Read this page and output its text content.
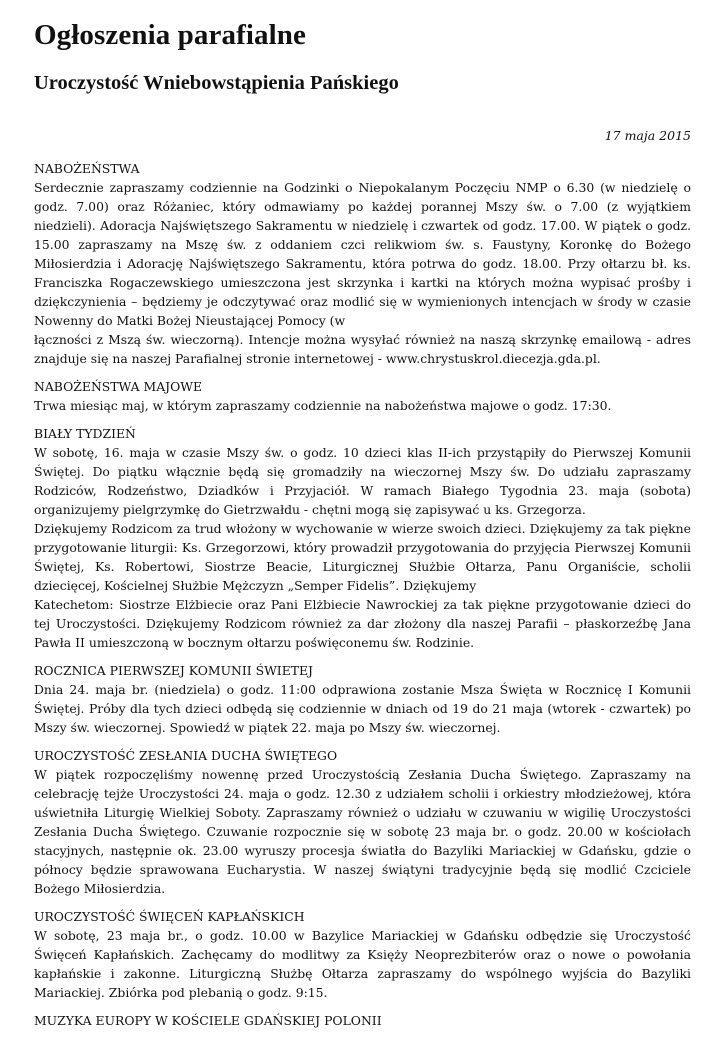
Ogłoszenia parafialne
Uroczystość Wniebowstąpienia Pańskiego
17 maja 2015
NABOŻEŃSTWA

Serdecznie zapraszamy codziennie na Godzinki o Niepokalanym Poczęciu NMP o 6.30 (w niedzielę o godz. 7.00) oraz Różaniec, który odmawiamy po każdej porannej Mszy św. o 7.00 (z wyjątkiem niedzieli). Adoracja Najświętszego Sakramentu w niedzielę i czwartek od godz. 17.00. W piątek o godz. 15.00 zapraszamy na Mszę św. z oddaniem czci relikwiom św. s. Faustyny, Koronkę do Bożego Miłosierdzia i Adorację Najświętszego Sakramentu, która potrwa do godz. 18.00. Przy ołtarzu bł. ks. Franciszka Rogaczewskiego umieszczona jest skrzynka i kartki na których można wypisać prośby i dziękczynienia – będziemy je odczytywać oraz modlić się w wymienionych intencjach w środy w czasie Nowenny do Matki Bożej Nieustającej Pomocy (w

łączności z Mszą św. wieczorną). Intencje można wysyłać również na naszą skrzynkę emailową - adres znajduje się na naszej Parafialnej stronie internetowej - www.chrystuskrol.diecezja.gda.pl.

NABOŻEŃSTWA MAJOWE

Trwa miesiąc maj, w którym zapraszamy codziennie na nabożeństwa majowe o godz. 17:30.

BIAŁY TYDZIEŃ

W sobotę, 16. maja w czasie Mszy św. o godz. 10 dzieci klas II-ich przystąpiły do Pierwszej Komunii Świętej. Do piątku włącznie będą się gromadziły na wieczornej Mszy św. Do udziału zapraszamy Rodziców, Rodzeństwo, Dziadków i Przyjaciół. W ramach Białego Tygodnia 23. maja (sobota) organizujemy pielgrzymkę do Gietrzwałdu - chętni mogą się zapisywać u ks. Grzegorza.

Dziękujemy Rodzicom za trud włożony w wychowanie w wierze swoich dzieci. Dziękujemy za tak piękne przygotowanie liturgii: Ks. Grzegorzowi, który prowadził przygotowania do przyjęcia Pierwszej Komunii Świętej, Ks. Robertowi, Siostrze Beacie, Liturgicznej Służbie Ołtarza, Panu Organiście, scholii dziecięcej, Kościelnej Służbie Mężczyzn „Semper Fidelis”. Dziękujemy

Katechetom: Siostrze Elżbiecie oraz Pani Elżbiecie Nawrockiej za tak piękne przygotowanie dzieci do tej Uroczystości. Dziękujemy Rodzicom również za dar złożony dla naszej Parafii – płaskorzeźbę Jana Pawła II umieszczoną w bocznym ołtarzu poświęconemu św. Rodzinie.

ROCZNICA PIERWSZEJ KOMUNII ŚWIETEJ

Dnia 24. maja br. (niedziela) o godz. 11:00 odprawiona zostanie Msza Święta w Rocznicę I Komunii Świętej. Próby dla tych dzieci odbędą się codziennie w dniach od 19 do 21 maja (wtorek - czwartek) po Mszy św. wieczornej. Spowiedź w piątek 22. maja po Mszy św. wieczornej.

UROCZYSTOŚĆ ZESŁANIA DUCHA ŚWIĘTEGO

W piątek rozpoczęliśmy nowennę przed Uroczystością Zesłania Ducha Świętego. Zapraszamy na celebrację tejże Uroczystości 24. maja o godz. 12.30 z udziałem scholii i orkiestry młodzieżowej, która uświetniła Liturgię Wielkiej Soboty. Zapraszamy również o udziału w czuwaniu w wigilię Uroczystości Zesłania Ducha Świętego. Czuwanie rozpocznie się w sobotę 23 maja br. o godz. 20.00 w kościołach stacyjnych, następnie ok. 23.00 wyruszy procesja światła do Bazyliki Mariackiej w Gdańsku, gdzie o północy będzie sprawowana Eucharystia. W naszej świątyni tradycyjnie będą się modlić Czciciele Bożego Miłosierdzia.

UROCZYSTOŚĆ ŚWIĘCEŃ KAPŁAŃSKICH

W sobotę, 23 maja br., o godz. 10.00 w Bazylice Mariackiej w Gdańsku odbędzie się Uroczystość Święceń Kapłańskich. Zachęcamy do modlitwy za Księży Neoprezbiterów oraz o nowe o powołania kapłańskie i zakonne. Liturgiczną Służbę Ołtarza zapraszamy do wspólnego wyjścia do Bazyliki Mariackiej. Zbiórka pod plebanią o godz. 9:15.

MUZYKA EUROPY W KOŚCIELE GDAŃSKIEJ POLONII
